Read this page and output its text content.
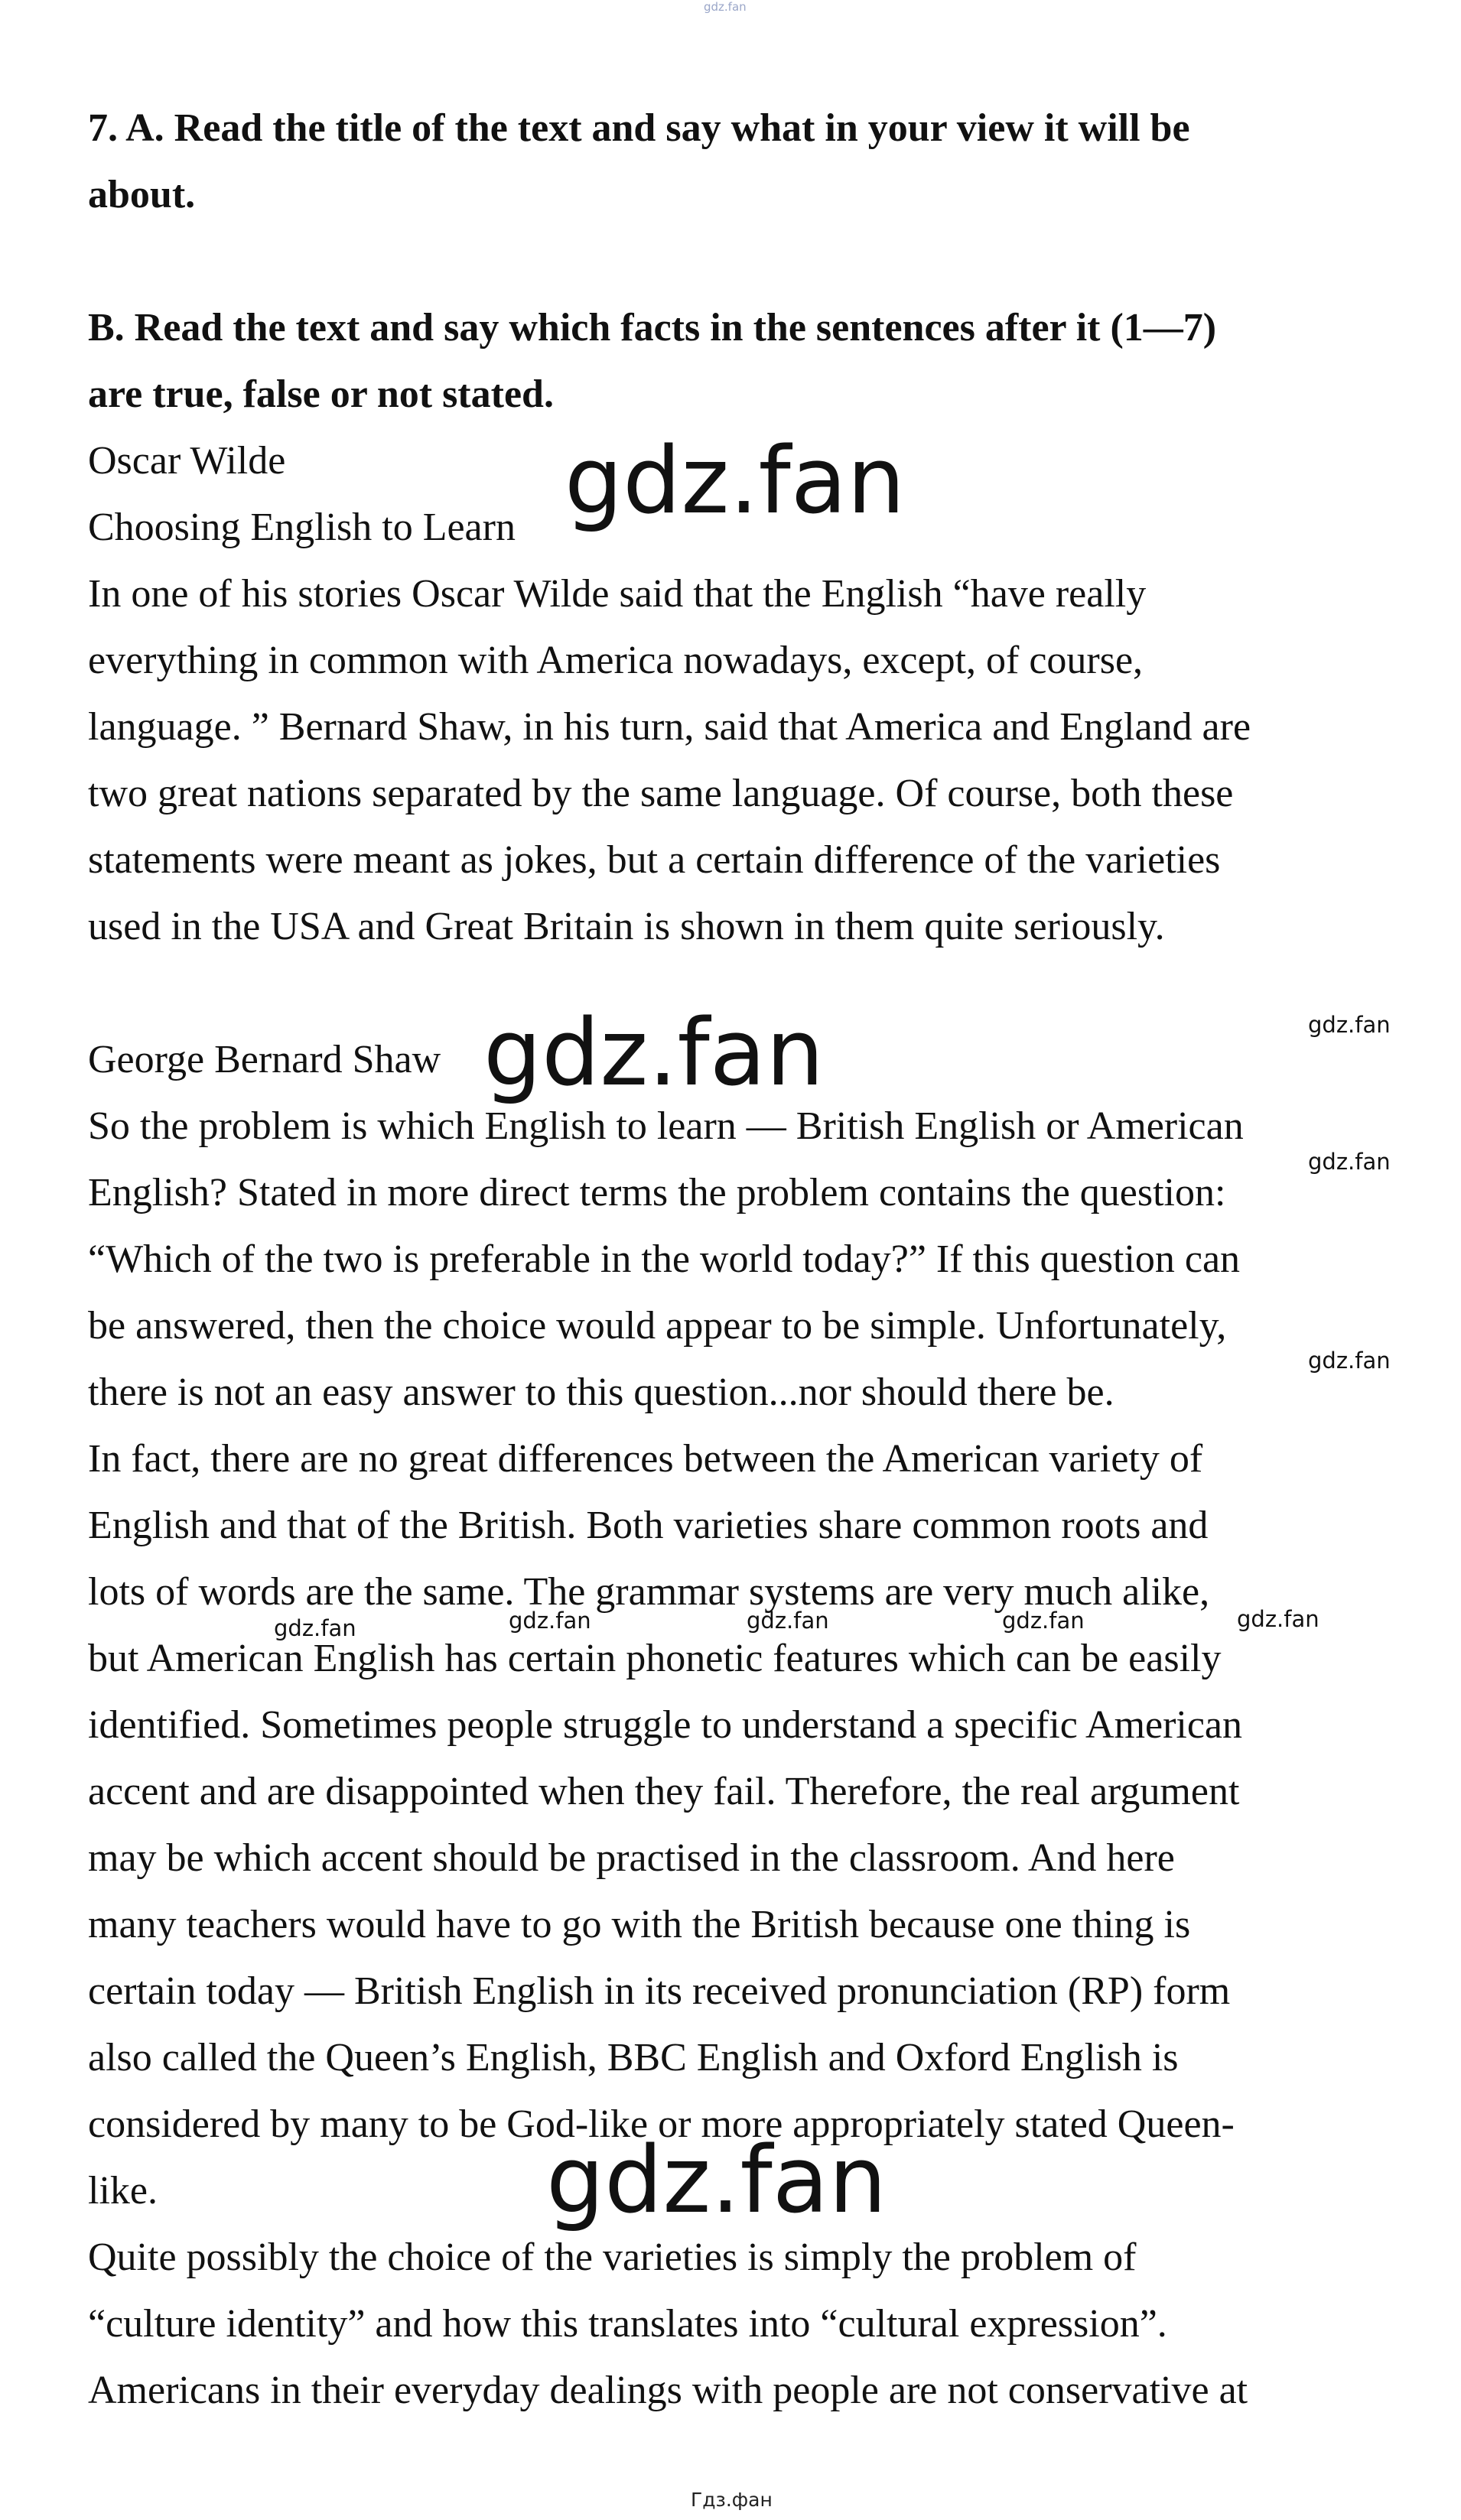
gdz.fan

7. A. Read the title of the text and say what in your view it will be

about.

B. Read the text and say which facts in the sentences after it (1—7)

are true, false or not stated.

Oscar Wilde

Choosing English to Learn

In one of his stories Oscar Wilde said that the English “have really

everything in common with America nowadays, except, of course,

language. ” Bernard Shaw, in his turn, said that America and England are

two great nations separated by the same language. Of course, both these

statements were meant as jokes, but a certain difference of the varieties

used in the USA and Great Britain is shown in them quite seriously.

George Bernard Shaw

So the problem is which English to learn — British English or American

English? Stated in more direct terms the problem contains the question:

“Which of the two is preferable in the world today?” If this question can

be answered, then the choice would appear to be simple. Unfortunately,

there is not an easy answer to this question...nor should there be.

In fact, there are no great differences between the American variety of

English and that of the British. Both varieties share common roots and

lots of words are the same. The grammar systems are very much alike,

but American English has certain phonetic features which can be easily

identified. Sometimes people struggle to understand a specific American

accent and are disappointed when they fail. Therefore, the real argument

may be which accent should be practised in the classroom. And here

many teachers would have to go with the British because one thing is

certain today — British English in its received pronunciation (RP) form

also called the Queen’s English, BBC English and Oxford English is

considered by many to be God-like or more appropriately stated Queen-

like.

Quite possibly the choice of the varieties is simply the problem of

“culture identity” and how this translates into “cultural expression”.

Americans in their everyday dealings with people are not conservative at

gdz.fan
gdz.fan
gdz.fan
gdz.fan
gdz.fan
gdz.fan
gdz.fan	gdz.fan	gdz.fan	gdz.fan	gdz.fan
Гдз.фан
